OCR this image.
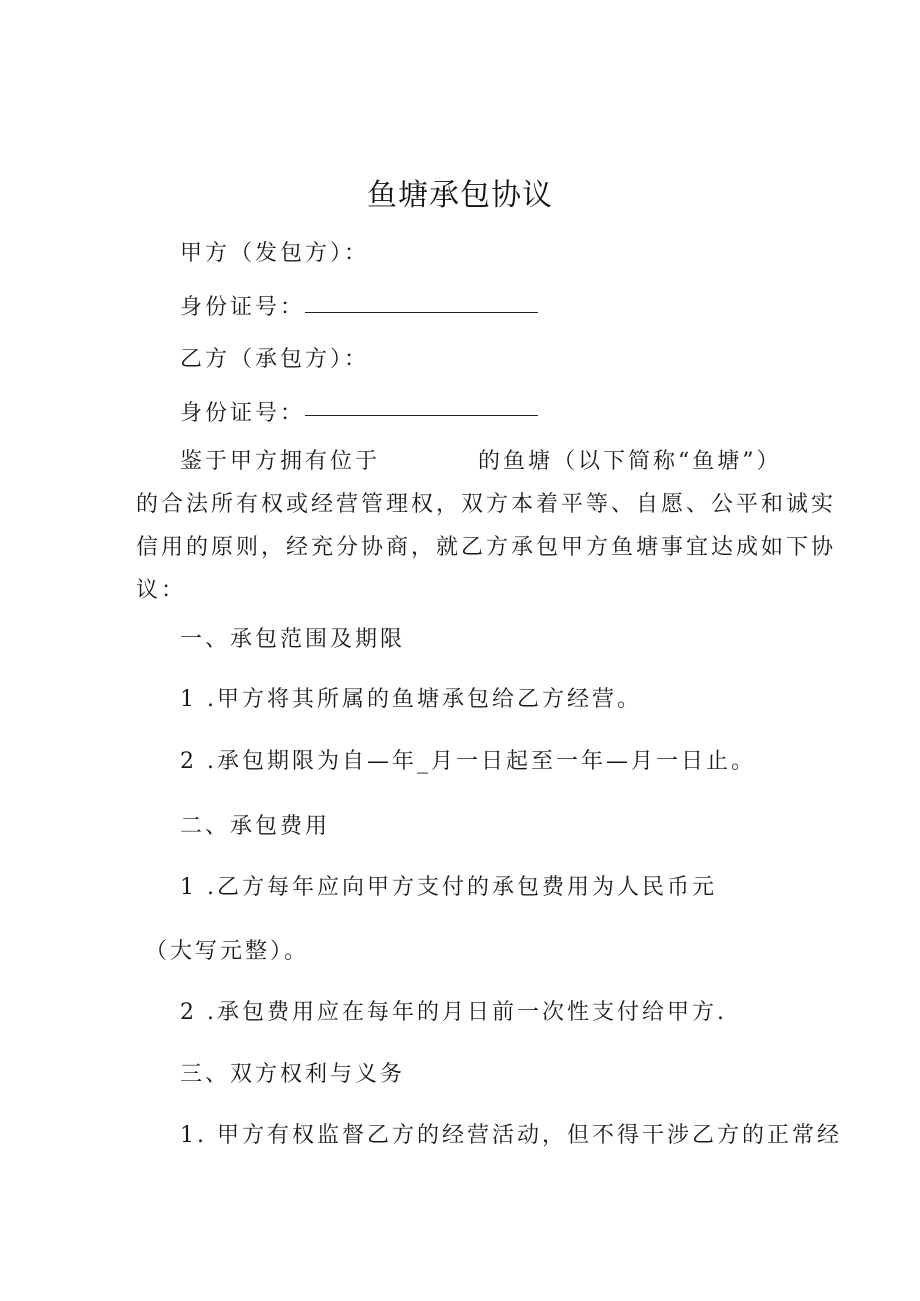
鱼塘承包协议
甲方（发包方）：
身份证号：
乙方（承包方）：
身份证号：
鉴于甲方拥有位于	的鱼塘（以下简称“鱼塘”）
的合法所有权或经营管理权，双方本着平等、自愿、公平和诚实
信用的原则，经充分协商，就乙方承包甲方鱼塘事宜达成如下协
议：
一、承包范围及期限
1 .甲方将其所属的鱼塘承包给乙方经营。
2 .承包期限为自—年_月一日起至一年—月一日止。
二、承包费用
1 .乙方每年应向甲方支付的承包费用为人民币元
（大写元整）。
2 .承包费用应在每年的月日前一次性支付给甲方.
三、双方权利与义务
1. 甲方有权监督乙方的经营活动，但不得干涉乙方的正常经
